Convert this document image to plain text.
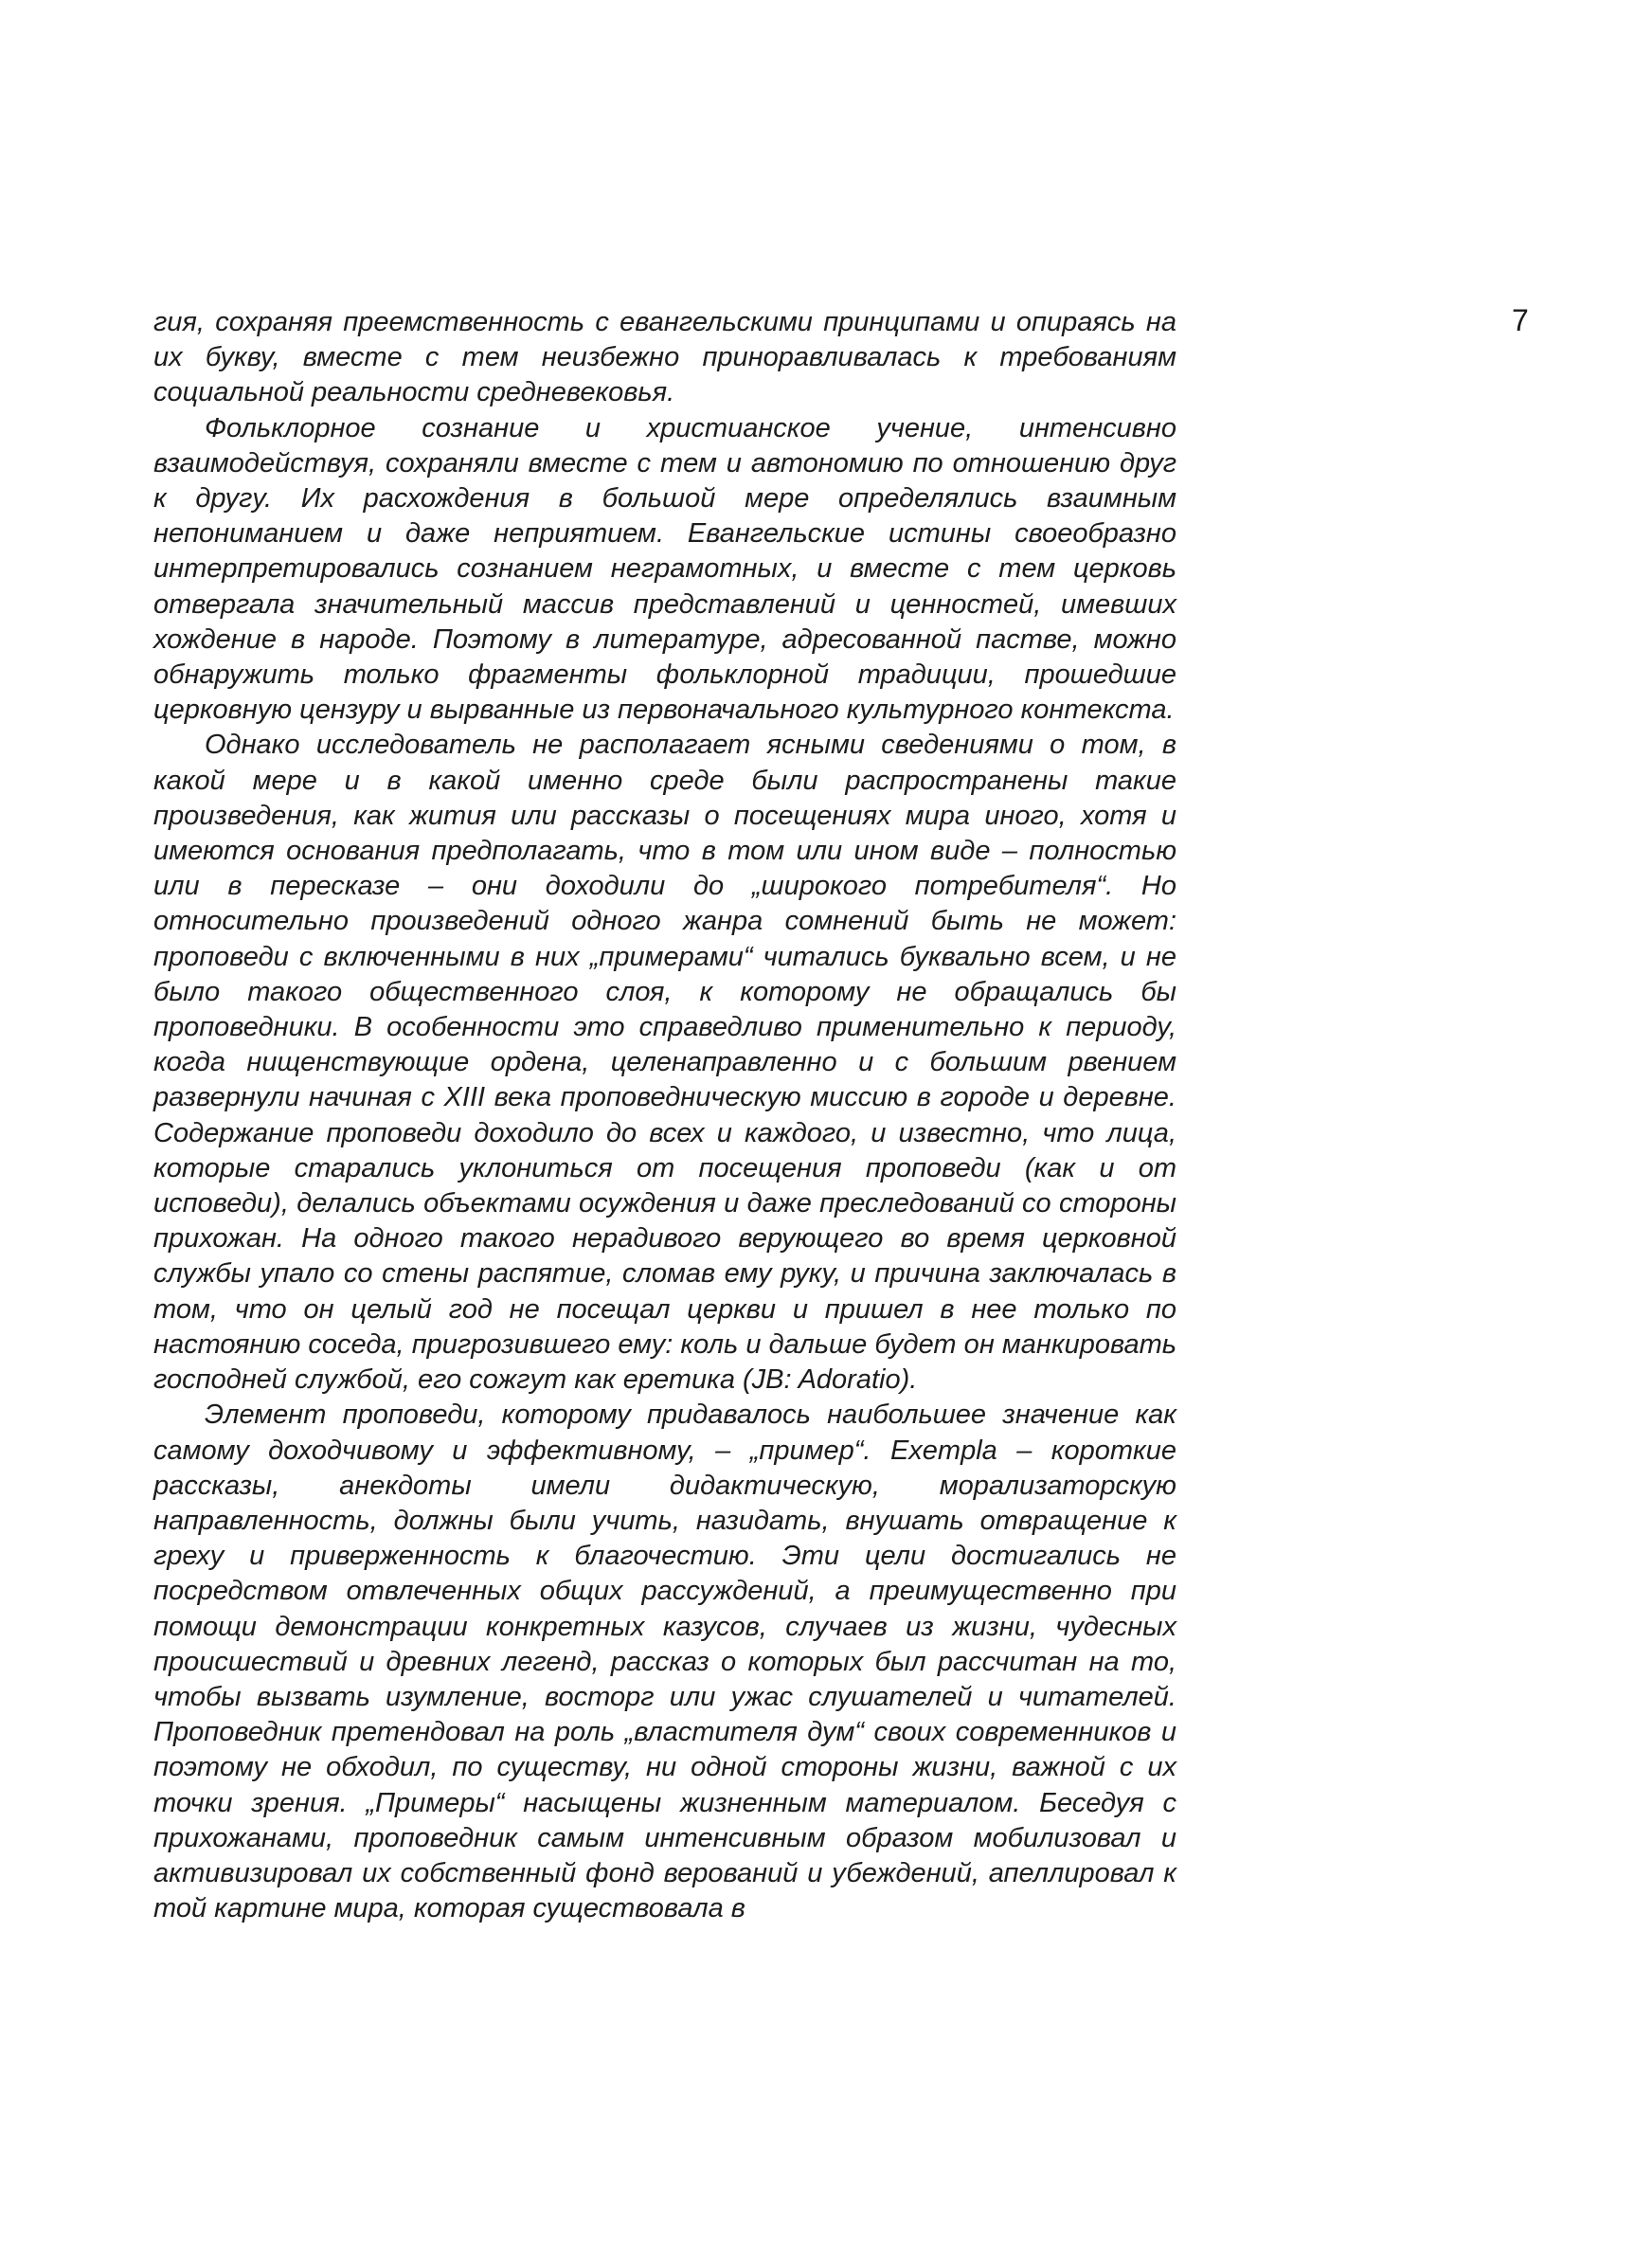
7

гия, сохраняя преемственность с евангельскими принципами и опираясь на их букву, вместе с тем неизбежно приноравливалась к требованиям социальной реальности средневековья.

Фольклорное сознание и христианское учение, интенсивно взаимодействуя, сохраняли вместе с тем и автономию по отношению друг к другу. Их расхождения в большой мере определялись взаимным непониманием и даже неприятием. Евангельские истины своеобразно интерпретировались сознанием неграмотных, и вместе с тем церковь отвергала значительный массив представлений и ценностей, имевших хождение в народе. Поэтому в литературе, адресованной пастве, можно обнаружить только фрагменты фольклорной традиции, прошедшие церковную цензуру и вырванные из первоначального культурного контекста.

Однако исследователь не располагает ясными сведениями о том, в какой мере и в какой именно среде были распространены такие произведения, как жития или рассказы о посещениях мира иного, хотя и имеются основания предполагать, что в том или ином виде – полностью или в пересказе – они доходили до „широкого потребителя“. Но относительно произведений одного жанра сомнений быть не может: проповеди с включенными в них „примерами“ читались буквально всем, и не было такого общественного слоя, к которому не обращались бы проповедники. В особенности это справедливо применительно к периоду, когда нищенствующие ордена, целенаправленно и с большим рвением развернули начиная с XIII века проповедническую миссию в городе и деревне. Содержание проповеди доходило до всех и каждого, и известно, что лица, которые старались уклониться от посещения проповеди (как и от исповеди), делались объектами осуждения и даже преследований со стороны прихожан. На одного такого нерадивого верующего во время церковной службы упало со стены распятие, сломав ему руку, и причина заключалась в том, что он целый год не посещал церкви и пришел в нее только по настоянию соседа, пригрозившего ему: коль и дальше будет он манкировать господней службой, его сожгут как еретика (JB: Adoratio).

Элемент проповеди, которому придавалось наибольшее значение как самому доходчивому и эффективному, – „пример“. Exempla – короткие рассказы, анекдоты имели дидактическую, морализаторскую направленность, должны были учить, назидать, внушать отвращение к греху и приверженность к благочестию. Эти цели достигались не посредством отвлеченных общих рассуждений, а преимущественно при помощи демонстрации конкретных казусов, случаев из жизни, чудесных происшествий и древних легенд, рассказ о которых был рассчитан на то, чтобы вызвать изумление, восторг или ужас слушателей и читателей. Проповедник претендовал на роль „властителя дум“ своих современников и поэтому не обходил, по существу, ни одной стороны жизни, важной с их точки зрения. „Примеры“ насыщены жизненным материалом. Беседуя с прихожанами, проповедник самым интенсивным образом мобилизовал и активизировал их собственный фонд верований и убеждений, апеллировал к той картине мира, которая существовала в
